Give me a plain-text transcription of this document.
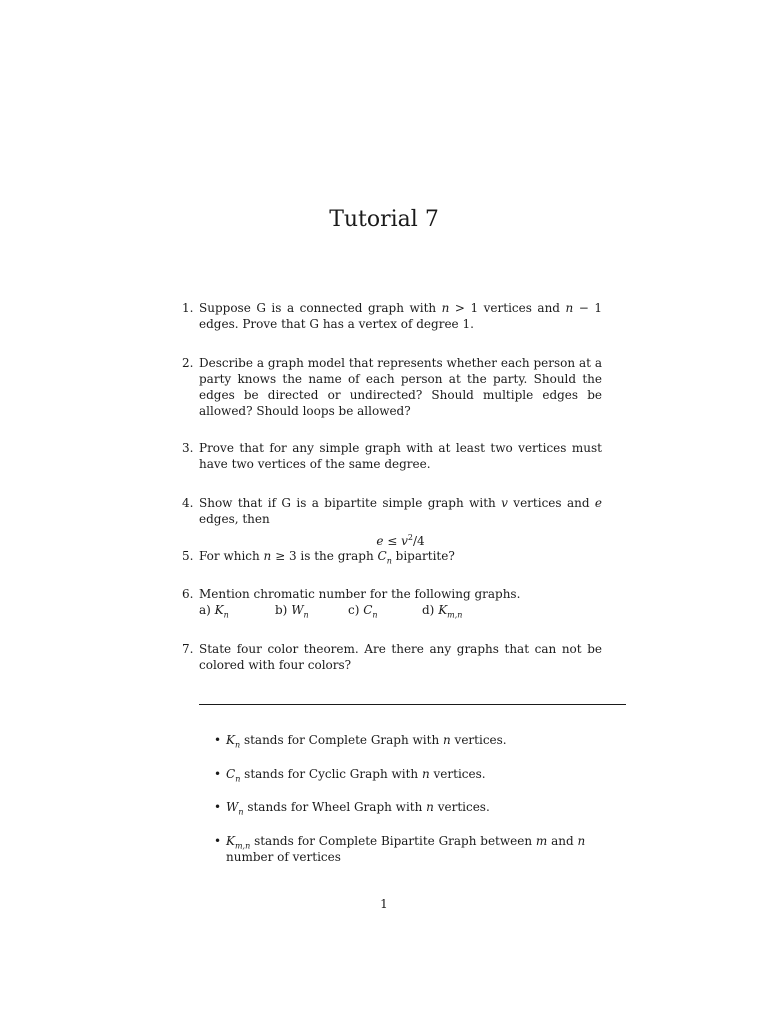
Tutorial 7
1. Suppose G is a connected graph with n > 1 vertices and n − 1 edges. Prove that G has a vertex of degree 1.
2. Describe a graph model that represents whether each person at a party knows the name of each person at the party. Should the edges be directed or undirected? Should multiple edges be allowed? Should loops be allowed?
3. Prove that for any simple graph with at least two vertices must have two vertices of the same degree.
4. Show that if G is a bipartite simple graph with v vertices and e edges, then
$e \le v^2/4$
5. For which n ≥ 3 is the graph $C_n$ bipartite?
6. Mention chromatic number for the following graphs.
a) $K_n$	b) $W_n$	c) $C_n$	d) $K_{m,n}$
7. State four color theorem. Are there any graphs that can not be colored with four colors?
• $K_n$ stands for Complete Graph with n vertices.
• $C_n$ stands for Cyclic Graph with n vertices.
• $W_n$ stands for Wheel Graph with n vertices.
• $K_{m,n}$ stands for Complete Bipartite Graph between m and n number of vertices
1
